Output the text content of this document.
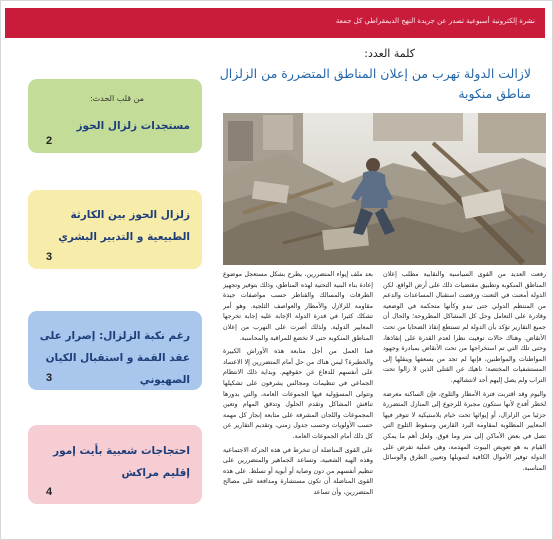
نشرة إلكترونية أسبوعية تصدر عن جريدة النهج الديمقراطي كل جمعة
كلمة العدد:
لازالت الدولة تهرب من إعلان المناطق المتضررة من الزلزال مناطق منكوبة

رفعت العديد من القوى السياسية والنقابية مطلب إعلان المناطق المنكوبة وتطبيق مقتضيات ذلك على أرض الواقع. لكن الدولة أمعنت في التعنت ورفضت استقبال المساعدات والدعم من المنتظم الدولي حتى تبدو وكأنها متحكمة في الوضعية وقادرة على التعامل وحل كل المشاكل المطروحة؛ والحال أن جميع التقارير تؤكد بأن الدولة لم تستطع إنقاذ الضحايا من تحت الأنقاض. وهناك حالات توفيت نظرا لعدم القدرة على إنقاذها، وحتى تلك التي تم استخراجها من تحت الأنقاض بمبادرة وجهود المواطنات والمواطنين، فإنها لم تجد من يسعفها وينقلها إلى المستشفيات المختصة؛ ناهيك عن القتلى الذين لا زالوا تحت التراب ولم يصل إليهم أحد لانتشالهم.

واليوم وقد اقتربت فترة الأمطار والثلوج، فإن الساكنة معرضة لخطر أفدح لأنها ستكون مجبرة للرجوع إلى المنازل المتضررة جزئيا من الزلزال، أو إيوائها تحت خيام بلاستيكية لا تتوفر فيها المعايير المطلوبة لمقاومة البرد القارس وسقوط الثلوج التي تصل في بعض الأماكن إلى متر وما فوق. ولعل أهم ما يمكن القيام به هو تعويض البيوت المهدمة، وهي عملية تفرض على الدولة توفير الأموال الكافية لتمويلها وتعيين الطرق والوسائل المناسبة.

بعد ملف إيواء المتضررين، يطرح بشكل مستعجل موضوع إعادة بناء البنية التحتية لهذه المناطق، وذلك بتوفير وتجهيز الطرقات والمسالك والقناطر حسب مواصفات جيدة مقاومة للزلازل والأمطار والعواصف الثلجية. وهو أمر تشكك كثيرا في قدرة الدولة الإجابة عليه إجابة تخرجها المعايير الدولية. ولذلك أصرت على التهرب من إعلان المناطق المنكوبة حتى لا تخضع للمراقبة والمحاسبة.

فما العمل من أجل متابعة هذه الأوراش الكبيرة والخطيرة؟ ليس هناك من حل أمام المتضررين إلا الاعتماد على أنفسهم للدفاع عن حقوقهم. وبداية ذلك الانتظام الجماعي في تنظيمات ومجالس يشرفون على تشكيلها وتتولى المسؤولية فيها الجموعات العامة، والتي بدورها تناقش المشاكل وتقدم الحلول وتدقق المهام وتعين المجموعات واللجان المشرفة على متابعة إنجاز كل مهمة حسب الأولويات وحسب جدول زمني، وتقديم التقارير عن كل ذلك أمام الجموعات العامة.

على القوى المناضلة أن تنخرط في هذه الحركة الاجتماعية وهذه الهبة الشعبية، وتساعد الجماهير والمتضررين على تنظيم أنفسهم من دون وصاية أو أبوية أو تسلط. على هذه القوى المناضلة أن تكون مستشارة ومدافعة على مصالح المتضررين، وأن تساعد

من قلب الحدث:
مستجدات زلزال الحوز
2
زلزال الحوز بين الكارثة الطبيعية و التدبير البشري
3
رغم نكبة الزلزال: إصرار على عقد القمة و استقبال الكيان الصهيوني
3
احتجاجات شعبية بأيت إمور إقليم مراكش
4
